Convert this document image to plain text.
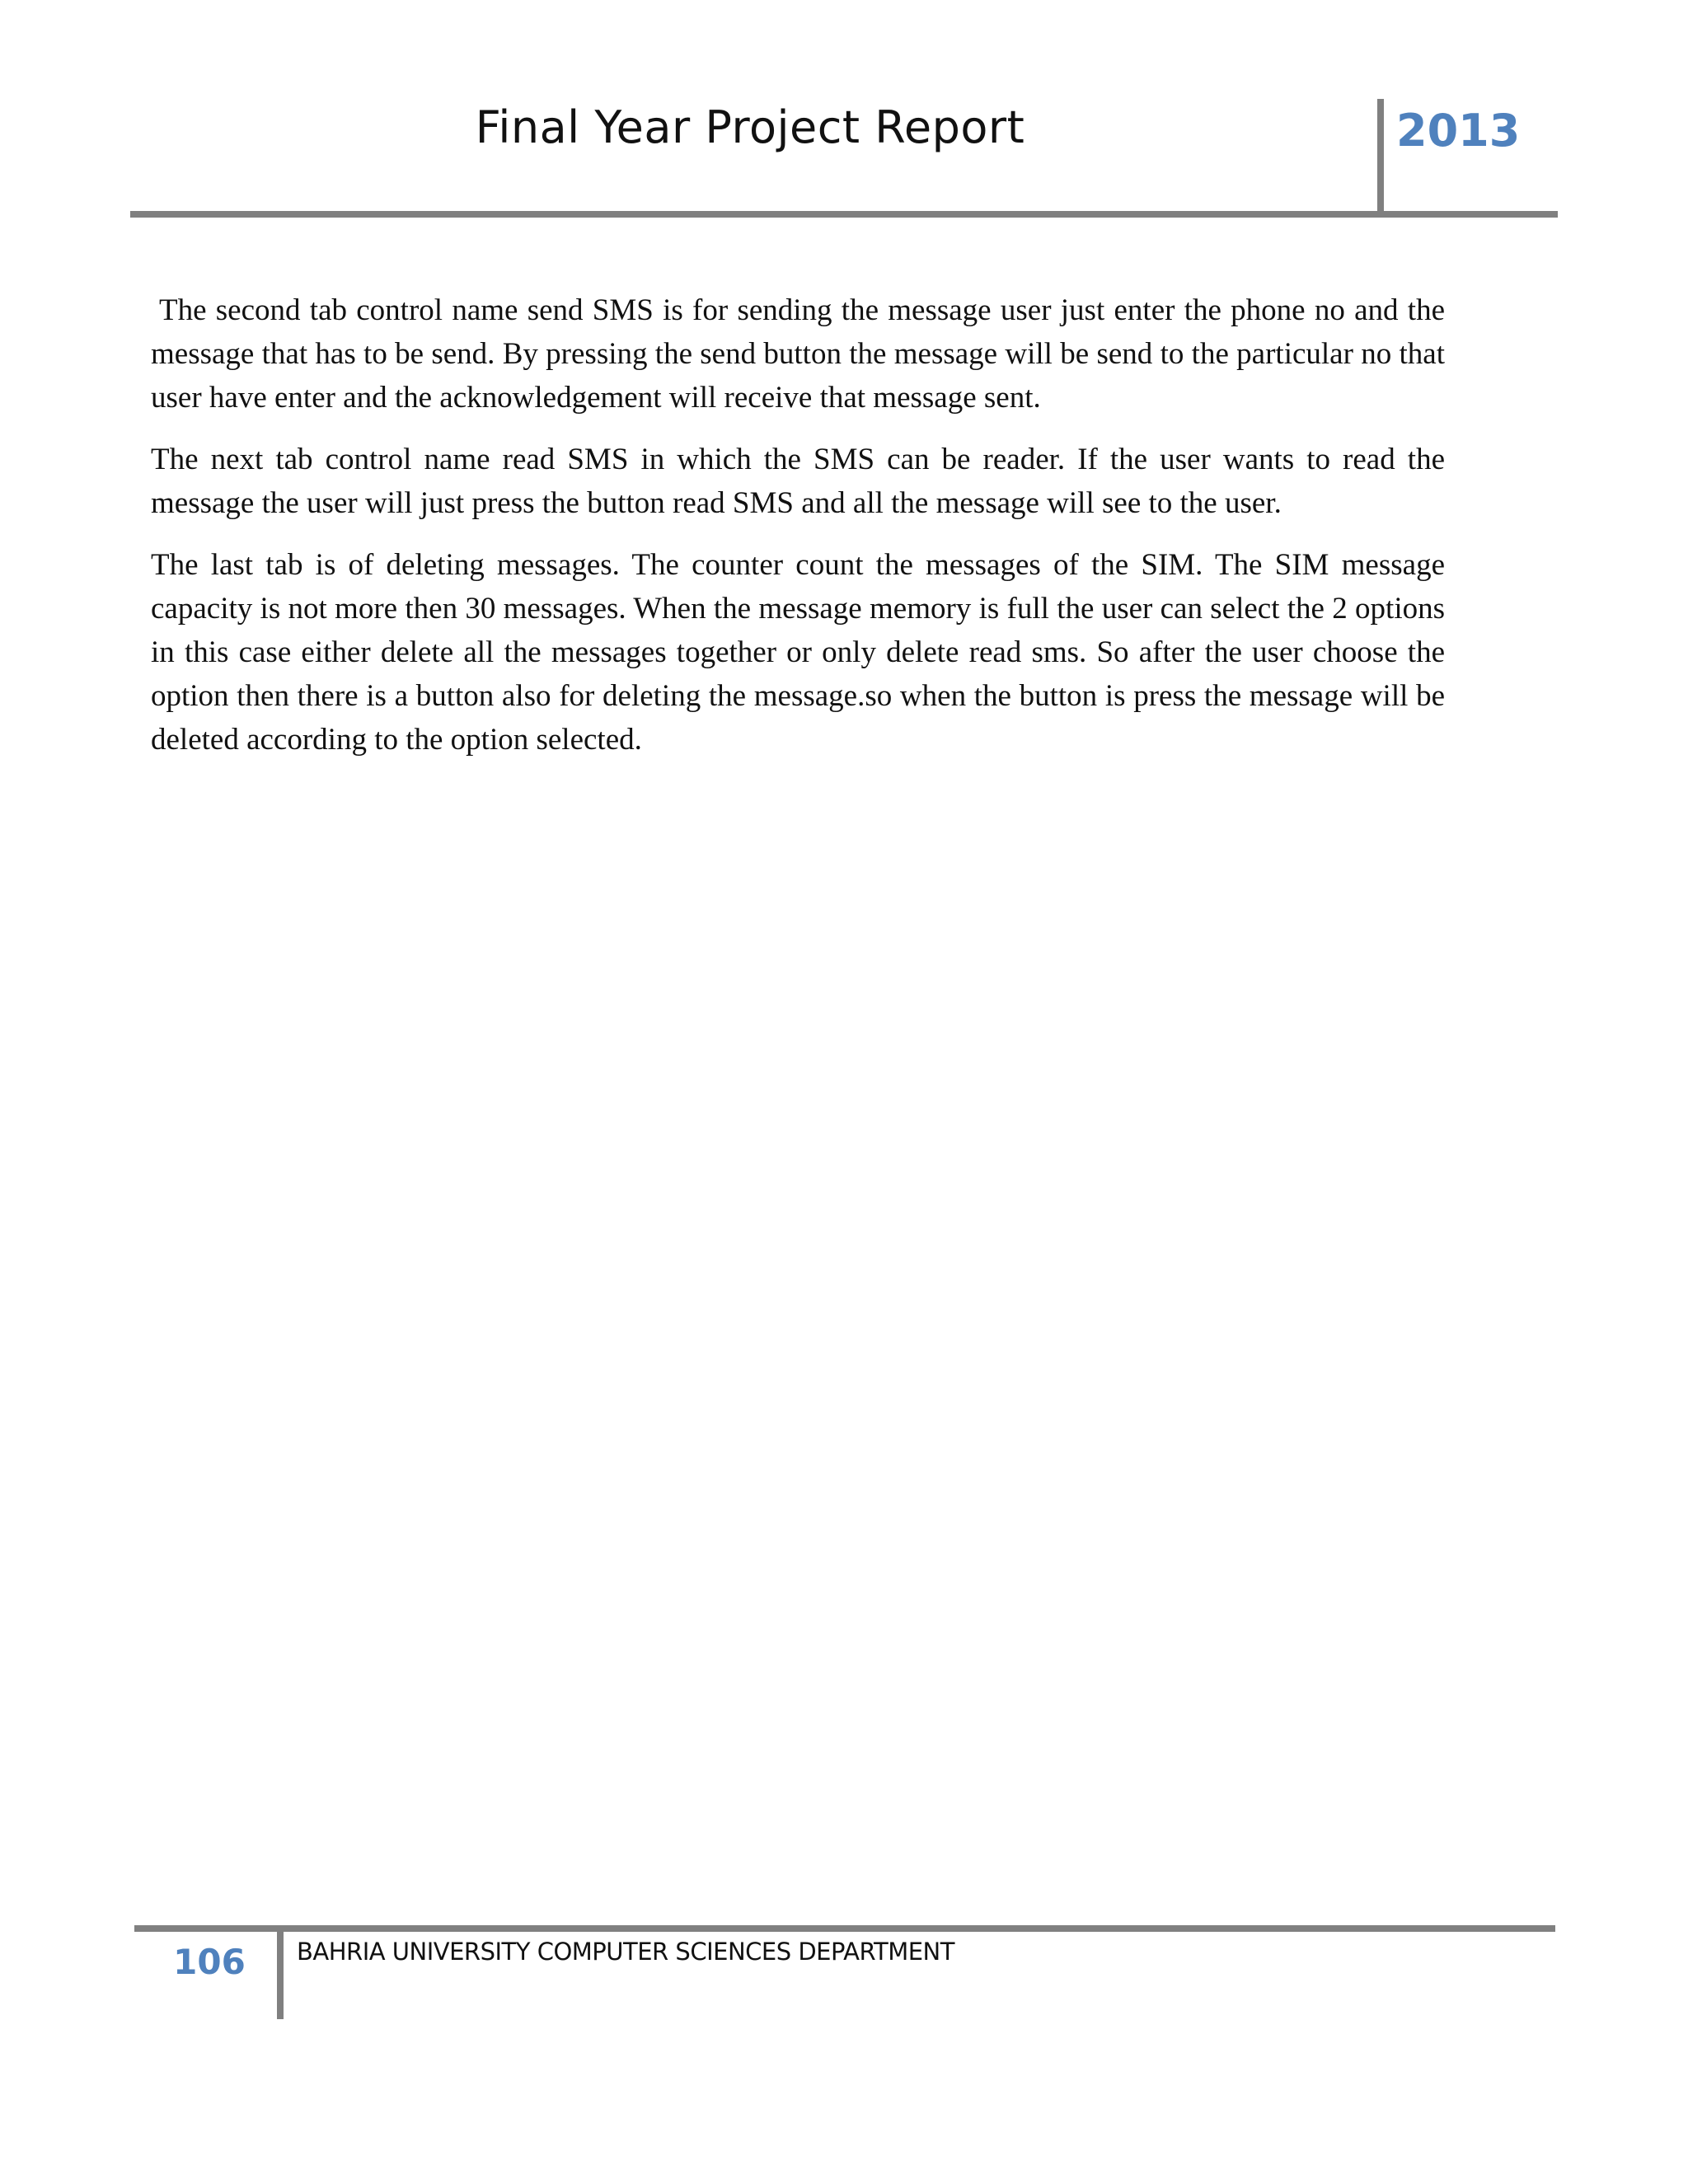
Final Year Project Report	2013

The second tab control name send SMS is for sending the message user just enter the phone no and the message that has to be send. By pressing the send button the message will be send to the particular no that user have enter and the acknowledgement will receive that message sent.

The next tab control name read SMS in which the SMS can be reader. If the user wants to read the message the user will just press the button read SMS and all the message will see to the user.

The last tab is of deleting messages. The counter count the messages of the SIM. The SIM message capacity is not more then 30 messages. When the message memory is full the user can select the 2 options in this case either delete all the messages together or only delete read sms. So after the user choose the option then there is a button also for deleting the message.so when the button is press the message will be deleted according to the option selected.

106	BAHRIA UNIVERSITY COMPUTER SCIENCES DEPARTMENT
